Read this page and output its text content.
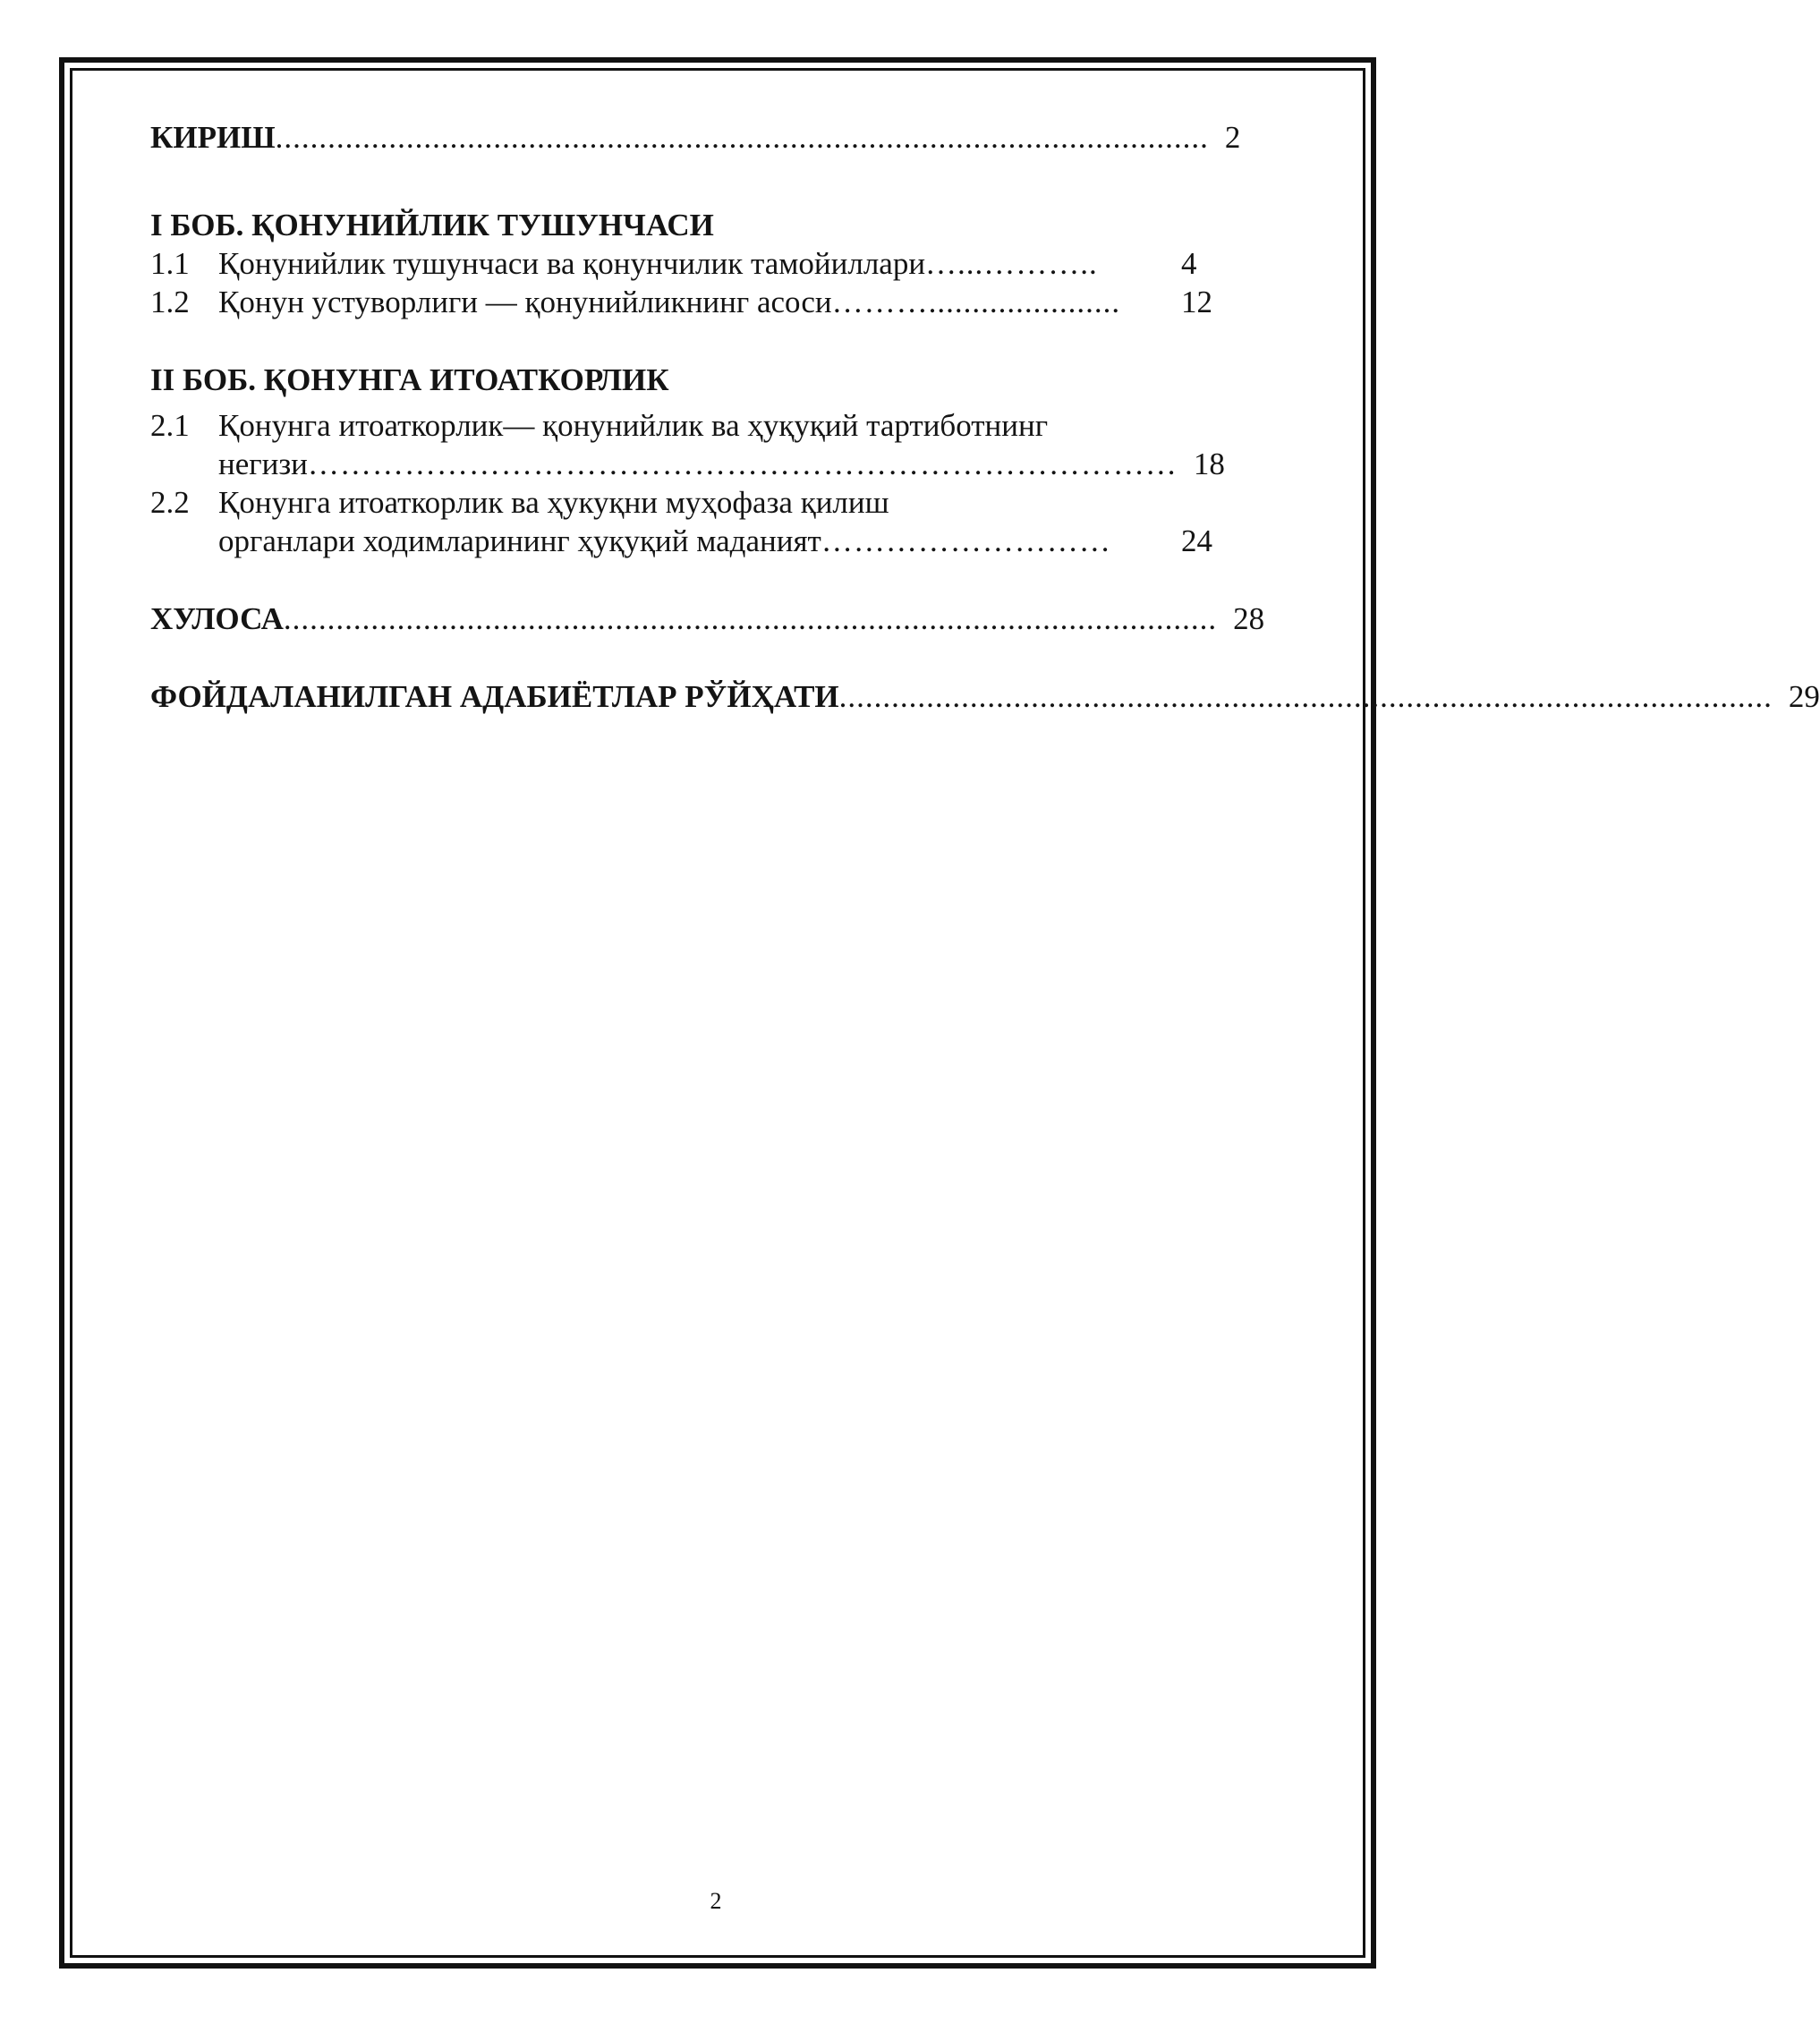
КИРИШ ........................................................................................................... 2
I БОБ. ҚОНУНИЙЛИК ТУШУНЧАСИ
1.1 Қонунийлик тушунчаси ва қонунчилик тамойиллари …...………..	4
1.2 Қонун устуворлиги — қонунийликнинг асоси ………......................	12
II БОБ. ҚОНУНГА ИТОАТКОРЛИК
2.1 Қонунга итоаткорлик— қонунийлик ва ҳуқуқий тартиботнинг
негизи ……………………………………………………………………… 18
2.2 Қонунга итоаткорлик ва ҳукуқни муҳофаза қилиш
органлари ходимларининг ҳуқуқий маданият ………………………	24
ХУЛОСА ........................................................................................................... 28
ФОЙДАЛАНИЛГАН АДАБИЁТЛАР РЎЙҲАТИ ........................................................................................................... 29
2
